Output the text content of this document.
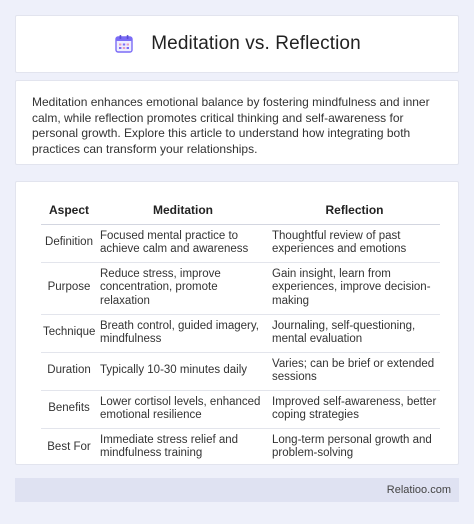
Meditation vs. Reflection

Meditation enhances emotional balance by fostering mindfulness and inner calm, while reflection promotes critical thinking and self-awareness for personal growth. Explore this article to understand how integrating both practices can transform your relationships.

Aspect	Meditation	Reflection
Definition	Focused mental practice to achieve calm and awareness	Thoughtful review of past experiences and emotions
Purpose	Reduce stress, improve concentration, promote relaxation	Gain insight, learn from experiences, improve decision-making
Technique	Breath control, guided imagery, mindfulness	Journaling, self-questioning, mental evaluation
Duration	Typically 10-30 minutes daily	Varies; can be brief or extended sessions
Benefits	Lower cortisol levels, enhanced emotional resilience	Improved self-awareness, better coping strategies
Best For	Immediate stress relief and mindfulness training	Long-term personal growth and problem-solving
Relatioo.com
